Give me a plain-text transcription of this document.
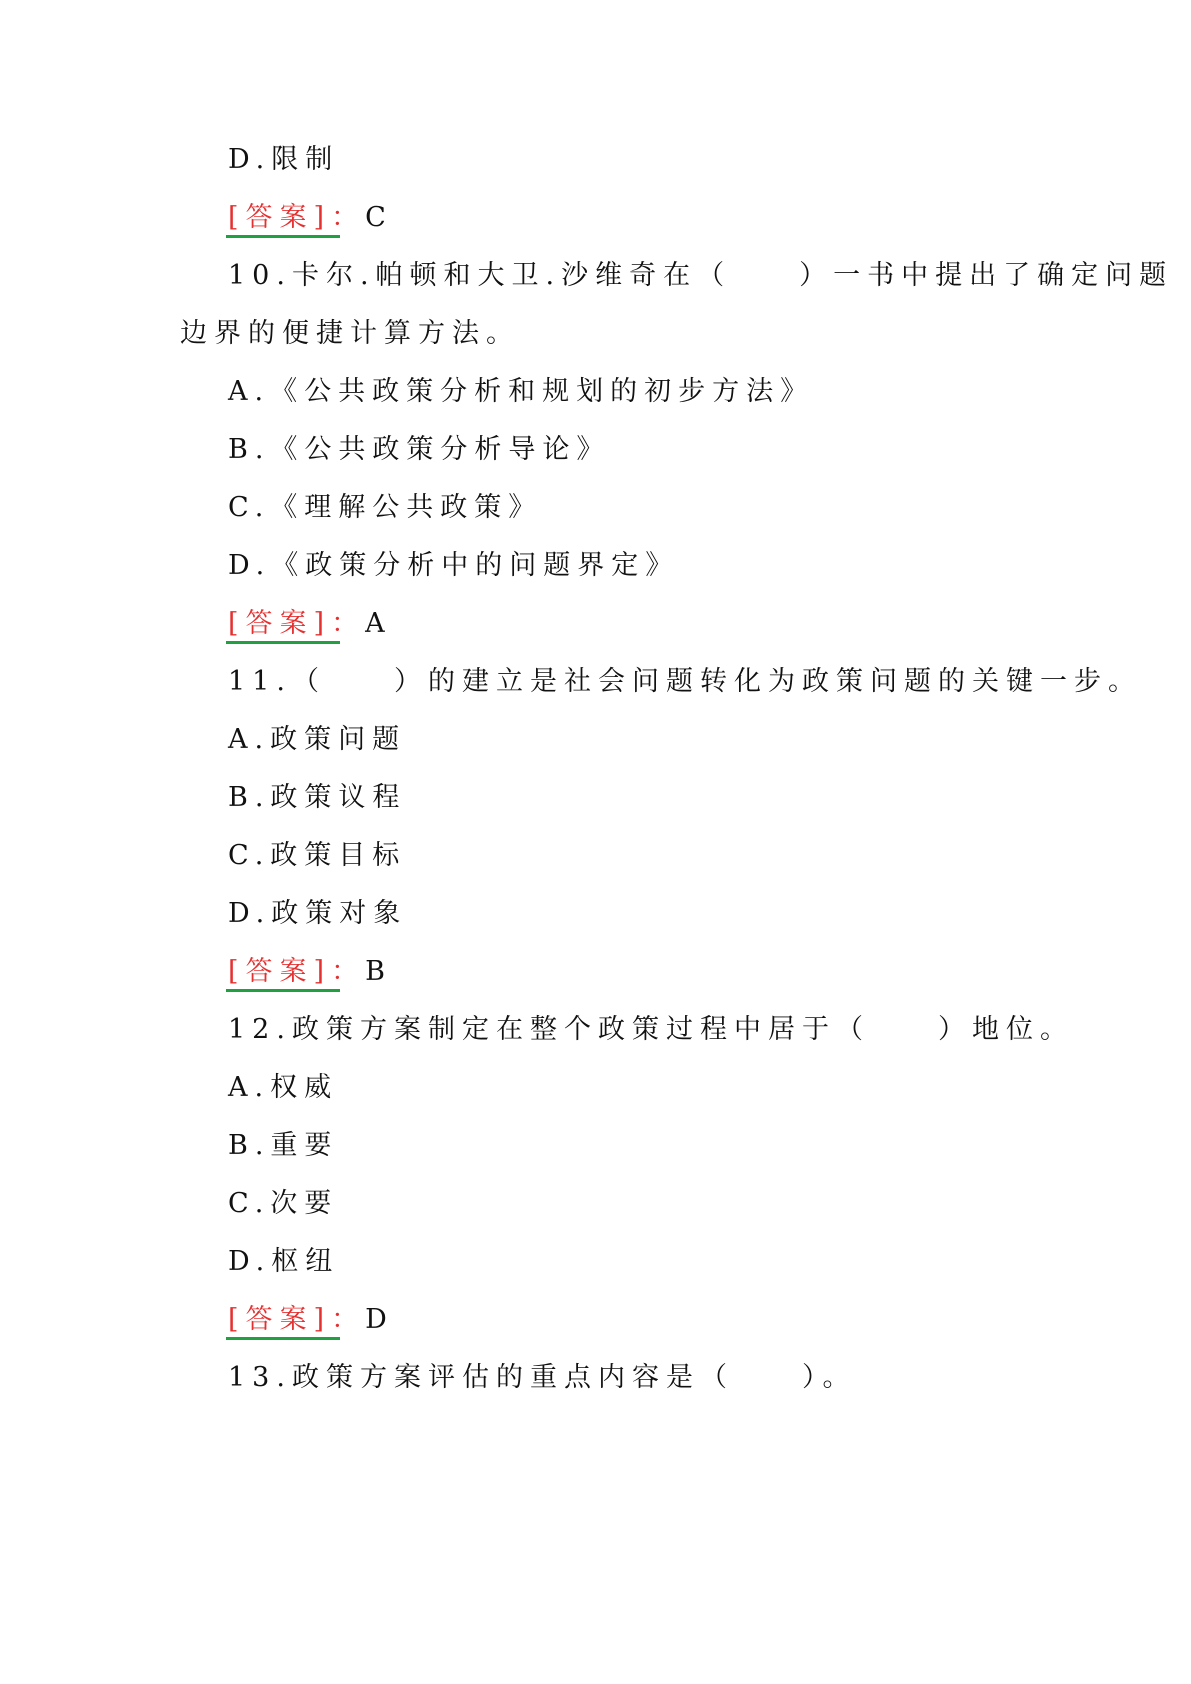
D.限制
[答案]：C
10.卡尔.帕顿和大卫.沙维奇在（　　）一书中提出了确定问题
边界的便捷计算方法。
A.《公共政策分析和规划的初步方法》
B.《公共政策分析导论》
C.《理解公共政策》
D.《政策分析中的问题界定》
[答案]：A
11.（　　）的建立是社会问题转化为政策问题的关键一步。
A.政策问题
B.政策议程
C.政策目标
D.政策对象
[答案]：B
12.政策方案制定在整个政策过程中居于（　　）地位。
A.权威
B.重要
C.次要
D.枢纽
[答案]：D
13.政策方案评估的重点内容是（　　）。
